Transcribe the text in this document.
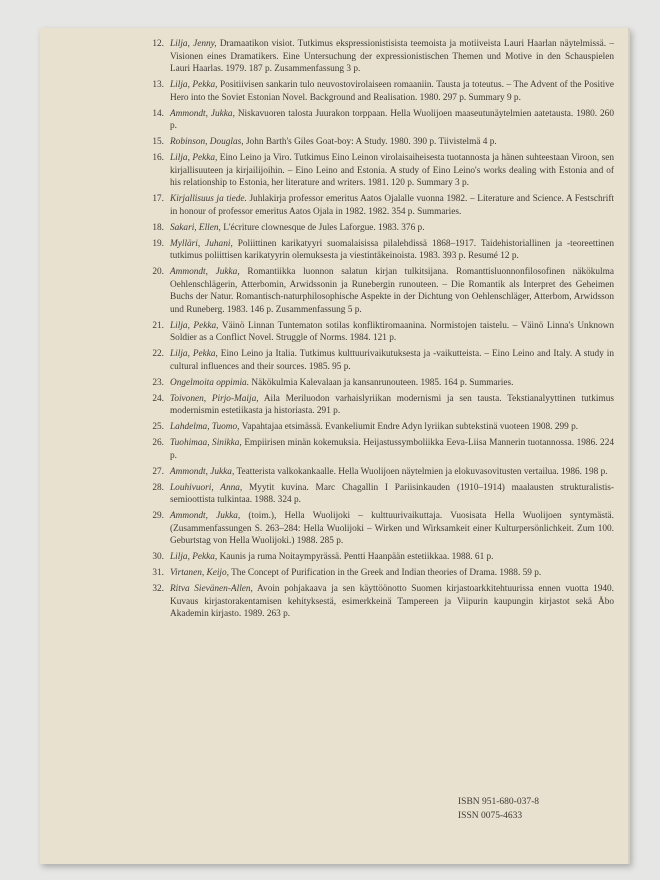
12. Lilja, Jenny, Dramaatikon visiot. Tutkimus ekspressionistisista teemoista ja motiiveista Lauri Haarlan näytelmissä. – Visionen eines Dramatikers. Eine Untersuchung der expressionistischen Themen und Motive in den Schauspielen Lauri Haarlas. 1979. 187 p. Zusammenfassung 3 p.
13. Lilja, Pekka, Positiivisen sankarin tulo neuvostovirolaiseen romaaniin. Tausta ja toteutus. – The Advent of the Positive Hero into the Soviet Estonian Novel. Background and Realisation. 1980. 297 p. Summary 9 p.
14. Ammondt, Jukka, Niskavuoren talosta Juurakon torppaan. Hella Wuolijoen maaseutunäytelmien aatetausta. 1980. 260 p.
15. Robinson, Douglas, John Barth's Giles Goat-boy: A Study. 1980. 390 p. Tiivistelmä 4 p.
16. Lilja, Pekka, Eino Leino ja Viro. Tutkimus Eino Leinon virolaisaiheisesta tuotannosta ja hänen suhteestaan Viroon, sen kirjallisuuteen ja kirjailijoihin. – Eino Leino and Estonia. A study of Eino Leino's works dealing with Estonia and of his relationship to Estonia, her literature and writers. 1981. 120 p. Summary 3 p.
17. Kirjallisuus ja tiede. Juhlakirja professor emeritus Aatos Ojalalle vuonna 1982. – Literature and Science. A Festschrift in honour of professor emeritus Aatos Ojala in 1982. 1982. 354 p. Summaries.
18. Sakari, Ellen, L'écriture clownesque de Jules Laforgue. 1983. 376 p.
19. Mylläri, Juhani, Poliittinen karikatyyri suomalaisissa pilalehdissä 1868–1917. Taidehistoriallinen ja -teoreettinen tutkimus poliittisen karikatyyrin olemuksesta ja viestintäkeinoista. 1983. 393 p. Resumé 12 p.
20. Ammondt, Jukka, Romantiikka luonnon salatun kirjan tulkitsijana. Romanttisluonnonfilosofinen näkökulma Oehlenschlägerin, Atterbomin, Arwidssonin ja Runebergin runouteen. – Die Romantik als Interpret des Geheimen Buchs der Natur. Romantisch-naturphilosophische Aspekte in der Dichtung von Oehlenschläger, Atterbom, Arwidsson und Runeberg. 1983. 146 p. Zusammenfassung 5 p.
21. Lilja, Pekka, Väinö Linnan Tuntematon sotilas konfliktiromaanina. Normistojen taistelu. – Väinö Linna's Unknown Soldier as a Conflict Novel. Struggle of Norms. 1984. 121 p.
22. Lilja, Pekka, Eino Leino ja Italia. Tutkimus kulttuurivaikutuksesta ja -vaikutteista. – Eino Leino and Italy. A study in cultural influences and their sources. 1985. 95 p.
23. Ongelmoita oppimia. Näkökulmia Kalevalaan ja kansanrunouteen. 1985. 164 p. Summaries.
24. Toivonen, Pirjo-Maija, Aila Meriluodon varhaislyriikan modernismi ja sen tausta. Tekstianalyyttinen tutkimus modernismin estetiikasta ja historiasta. 291 p.
25. Lahdelma, Tuomo, Vapahtajaa etsimässä. Evankeliumit Endre Adyn lyriikan subtekstinä vuoteen 1908. 299 p.
26. Tuohimaa, Sinikka, Empiirisen minän kokemuksia. Heijastussymboliikka Eeva-Liisa Mannerin tuotannossa. 1986. 224 p.
27. Ammondt, Jukka, Teatterista valkokankaalle. Hella Wuolijoen näytelmien ja elokuvasovitusten vertailua. 1986. 198 p.
28. Louhivuori, Anna, Myytit kuvina. Marc Chagallin I Pariisinkauden (1910–1914) maalausten strukturalistis-semioottista tulkintaa. 1988. 324 p.
29. Ammondt, Jukka, (toim.), Hella Wuolijoki – kulttuurivaikuttaja. Vuosisata Hella Wuolijoen syntymästä. (Zusammenfassungen S. 263–284: Hella Wuolijoki – Wirken und Wirksamkeit einer Kulturpersönlichkeit. Zum 100. Geburtstag von Hella Wuolijoki.) 1988. 285 p.
30. Lilja, Pekka, Kaunis ja ruma Noitaympyrässä. Pentti Haanpään estetiikkaa. 1988. 61 p.
31. Virtanen, Keijo, The Concept of Purification in the Greek and Indian theories of Drama. 1988. 59 p.
32. Ritva Sievänen-Allen, Avoin pohjakaava ja sen käyttöönotto Suomen kirjastoarkkitehtuurissa ennen vuotta 1940. Kuvaus kirjastorakentamisen kehityksestä, esimerkkeinä Tampereen ja Viipurin kaupungin kirjastot sekä Åbo Akademin kirjasto. 1989. 263 p.
ISBN 951-680-037-8
ISSN 0075-4633
